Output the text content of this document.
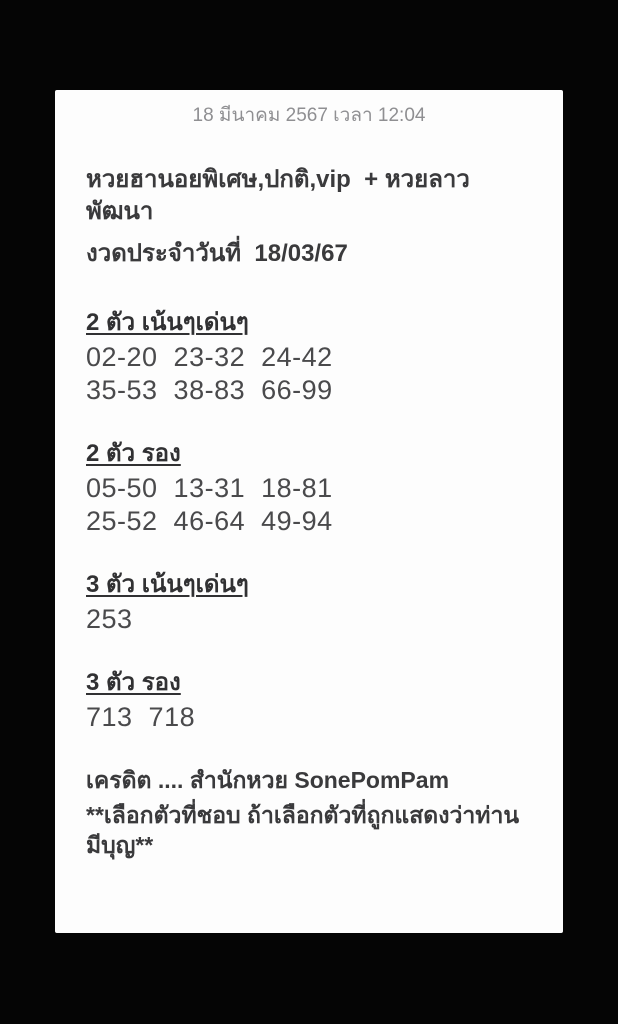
18 มีนาคม 2567 เวลา 12:04
หวยฮานอยพิเศษ,ปกติ,vip  + หวยลาวพัฒนา
งวดประจำวันที่  18/03/67
2 ตัว เน้นๆเด่นๆ
02-20  23-32  24-42
35-53  38-83  66-99
2 ตัว รอง
05-50  13-31  18-81
25-52  46-64  49-94
3 ตัว เน้นๆเด่นๆ
253
3 ตัว รอง
713  718
เครดิต .... สำนักหวย SonePomPam
**เลือกตัวที่ชอบ ถ้าเลือกตัวที่ถูกแสดงว่าท่านมีบุญ**
